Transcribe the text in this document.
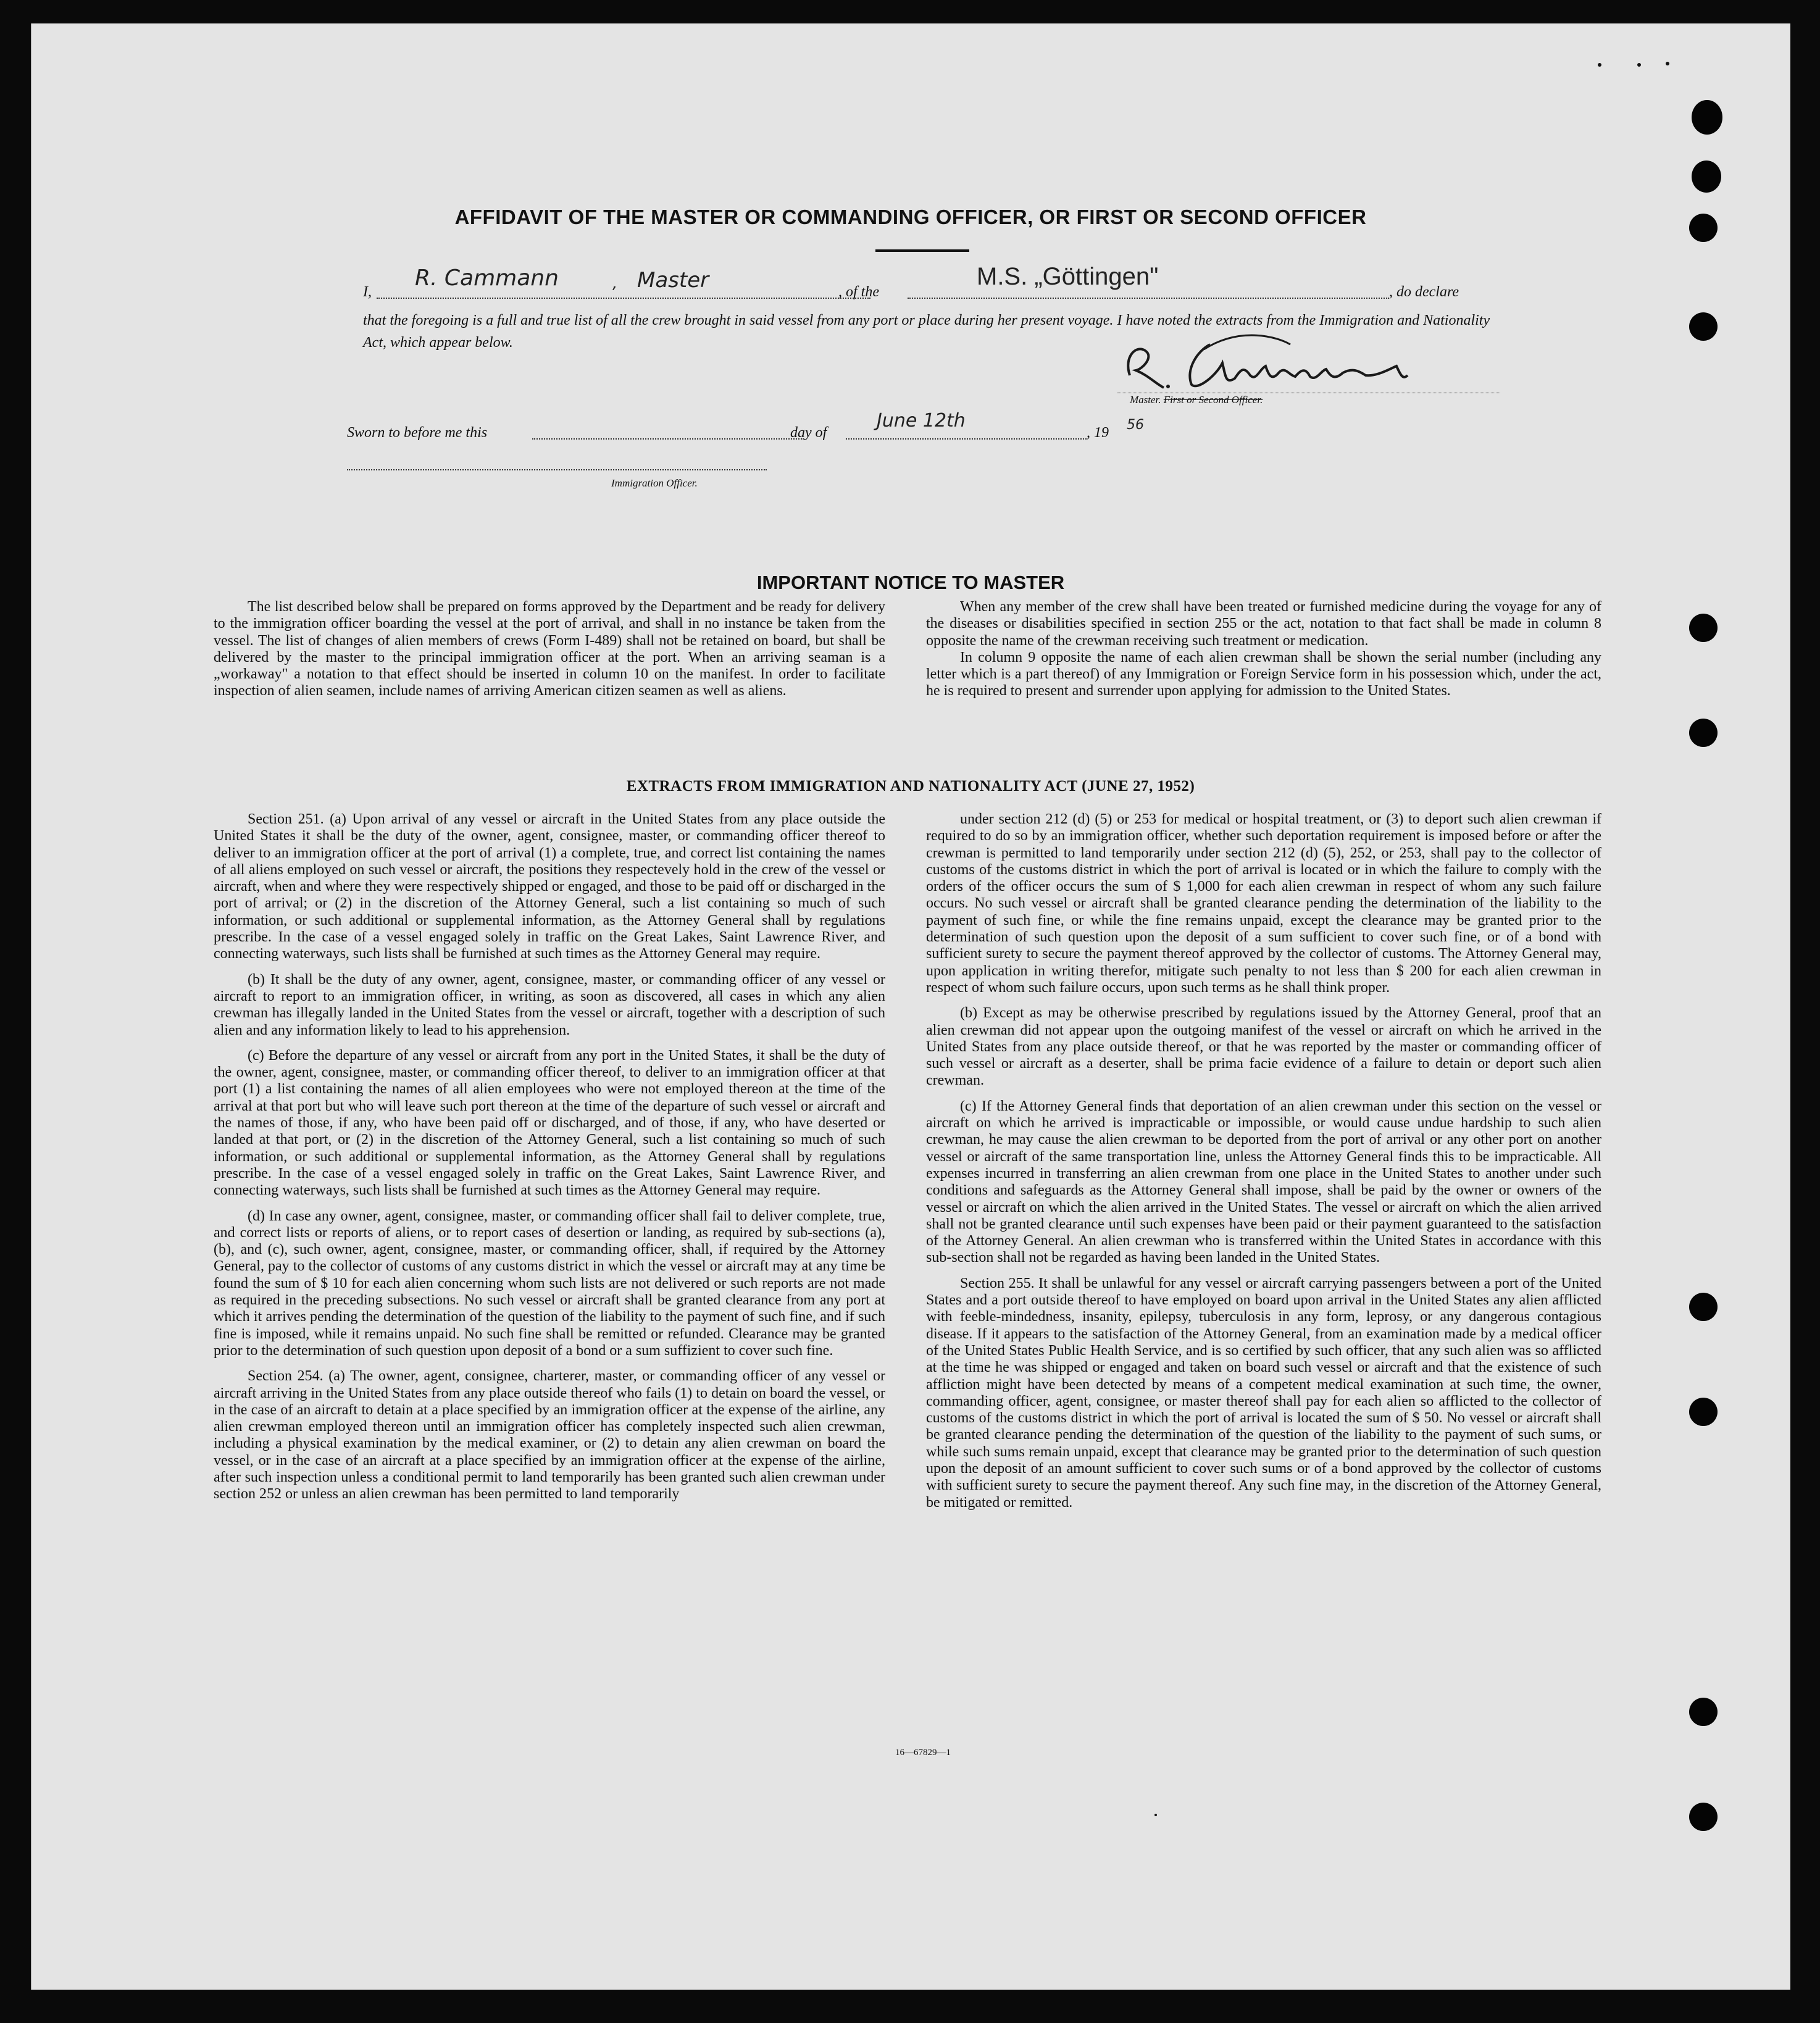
AFFIDAVIT OF THE MASTER OR COMMANDING OFFICER, OR FIRST OR SECOND OFFICER
I,
R. Cammann	, Master	, of the
M.S. „Göttingen"
, do declare
that the foregoing is a full and true list of all the crew brought in said vessel from any port or place during her present voyage. I have noted the extracts from the Immigration and Nationality Act, which appear below.
Master. First or Second Officer.
Sworn to before me this	day of
June 12th
, 19 56
Immigration Officer.
IMPORTANT NOTICE TO MASTER

The list described below shall be prepared on forms approved by the Department and be ready for delivery to the immigration officer boarding the vessel at the port of arrival, and shall in no instance be taken from the vessel. The list of changes of alien members of crews (Form I-489) shall not be retained on board, but shall be delivered by the master to the principal immigration officer at the port. When an arriving seaman is a „workaway" a notation to that effect should be inserted in column 10 on the manifest. In order to facilitate inspection of alien seamen, include names of arriving American citizen seamen as well as aliens.

When any member of the crew shall have been treated or furnished medicine during the voyage for any of the diseases or disabilities specified in section 255 or the act, notation to that fact shall be made in column 8 opposite the name of the crewman receiving such treatment or medication.

In column 9 opposite the name of each alien crewman shall be shown the serial number (including any letter which is a part thereof) of any Immigration or Foreign Service form in his possession which, under the act, he is required to present and surrender upon applying for admission to the United States.

EXTRACTS FROM IMMIGRATION AND NATIONALITY ACT (JUNE 27, 1952)

Section 251. (a) Upon arrival of any vessel or aircraft in the United States from any place outside the United States it shall be the duty of the owner, agent, consignee, master, or commanding officer thereof to deliver to an immigration officer at the port of arrival (1) a complete, true, and correct list containing the names of all aliens employed on such vessel or aircraft, the positions they respectevely hold in the crew of the vessel or aircraft, when and where they were respectively shipped or engaged, and those to be paid off or discharged in the port of arrival; or (2) in the discretion of the Attorney General, such a list containing so much of such information, or such additional or supplemental information, as the Attorney General shall by regulations prescribe. In the case of a vessel engaged solely in traffic on the Great Lakes, Saint Lawrence River, and connecting waterways, such lists shall be furnished at such times as the Attorney General may require.

(b) It shall be the duty of any owner, agent, consignee, master, or commanding officer of any vessel or aircraft to report to an immigration officer, in writing, as soon as discovered, all cases in which any alien crewman has illegally landed in the United States from the vessel or aircraft, together with a description of such alien and any information likely to lead to his apprehension.

(c) Before the departure of any vessel or aircraft from any port in the United States, it shall be the duty of the owner, agent, consignee, master, or commanding officer thereof, to deliver to an immigration officer at that port (1) a list containing the names of all alien employees who were not employed thereon at the time of the arrival at that port but who will leave such port thereon at the time of the departure of such vessel or aircraft and the names of those, if any, who have been paid off or discharged, and of those, if any, who have deserted or landed at that port, or (2) in the discretion of the Attorney General, such a list containing so much of such information, or such additional or supplemental information, as the Attorney General shall by regulations prescribe. In the case of a vessel engaged solely in traffic on the Great Lakes, Saint Lawrence River, and connecting waterways, such lists shall be furnished at such times as the Attorney General may require.

(d) In case any owner, agent, consignee, master, or commanding officer shall fail to deliver complete, true, and correct lists or reports of aliens, or to report cases of desertion or landing, as required by sub-sections (a), (b), and (c), such owner, agent, consignee, master, or commanding officer, shall, if required by the Attorney General, pay to the collector of customs of any customs district in which the vessel or aircraft may at any time be found the sum of $ 10 for each alien concerning whom such lists are not delivered or such reports are not made as required in the preceding subsections. No such vessel or aircraft shall be granted clearance from any port at which it arrives pending the determination of the question of the liability to the payment of such fine, and if such fine is imposed, while it remains unpaid. No such fine shall be remitted or refunded. Clearance may be granted prior to the determination of such question upon deposit of a bond or a sum suffizient to cover such fine.

Section 254. (a) The owner, agent, consignee, charterer, master, or commanding officer of any vessel or aircraft arriving in the United States from any place outside thereof who fails (1) to detain on board the vessel, or in the case of an aircraft to detain at a place specified by an immigration officer at the expense of the airline, any alien crewman employed thereon until an immigration officer has completely inspected such alien crewman, including a physical examination by the medical examiner, or (2) to detain any alien crewman on board the vessel, or in the case of an aircraft at a place specified by an immigration officer at the expense of the airline, after such inspection unless a conditional permit to land temporarily has been granted such alien crewman under section 252 or unless an alien crewman has been permitted to land temporarily

under section 212 (d) (5) or 253 for medical or hospital treatment, or (3) to deport such alien crewman if required to do so by an immigration officer, whether such deportation requirement is imposed before or after the crewman is permitted to land temporarily under section 212 (d) (5), 252, or 253, shall pay to the collector of customs of the customs district in which the port of arrival is located or in which the failure to comply with the orders of the officer occurs the sum of $ 1,000 for each alien crewman in respect of whom any such failure occurs. No such vessel or aircraft shall be granted clearance pending the determination of the liability to the payment of such fine, or while the fine remains unpaid, except the clearance may be granted prior to the determination of such question upon the deposit of a sum sufficient to cover such fine, or of a bond with sufficient surety to secure the payment thereof approved by the collector of customs. The Attorney General may, upon application in writing therefor, mitigate such penalty to not less than $ 200 for each alien crewman in respect of whom such failure occurs, upon such terms as he shall think proper.

(b) Except as may be otherwise prescribed by regulations issued by the Attorney General, proof that an alien crewman did not appear upon the outgoing manifest of the vessel or aircraft on which he arrived in the United States from any place outside thereof, or that he was reported by the master or commanding officer of such vessel or aircraft as a deserter, shall be prima facie evidence of a failure to detain or deport such alien crewman.

(c) If the Attorney General finds that deportation of an alien crewman under this section on the vessel or aircraft on which he arrived is impracticable or impossible, or would cause undue hardship to such alien crewman, he may cause the alien crewman to be deported from the port of arrival or any other port on another vessel or aircraft of the same transportation line, unless the Attorney General finds this to be impracticable. All expenses incurred in transferring an alien crewman from one place in the United States to another under such conditions and safeguards as the Attorney General shall impose, shall be paid by the owner or owners of the vessel or aircraft on which the alien arrived in the United States. The vessel or aircraft on which the alien arrived shall not be granted clearance until such expenses have been paid or their payment guaranteed to the satisfaction of the Attorney General. An alien crewman who is transferred within the United States in accordance with this sub-section shall not be regarded as having been landed in the United States.

Section 255. It shall be unlawful for any vessel or aircraft carrying passengers between a port of the United States and a port outside thereof to have employed on board upon arrival in the United States any alien afflicted with feeble-mindedness, insanity, epilepsy, tuberculosis in any form, leprosy, or any dangerous contagious disease. If it appears to the satisfaction of the Attorney General, from an examination made by a medical officer of the United States Public Health Service, and is so certified by such officer, that any such alien was so afflicted at the time he was shipped or engaged and taken on board such vessel or aircraft and that the existence of such affliction might have been detected by means of a competent medical examination at such time, the owner, commanding officer, agent, consignee, or master thereof shall pay for each alien so afflicted to the collector of customs of the customs district in which the port of arrival is located the sum of $ 50. No vessel or aircraft shall be granted clearance pending the determination of the question of the liability to the payment of such sums, or while such sums remain unpaid, except that clearance may be granted prior to the determination of such question upon the deposit of an amount sufficient to cover such sums or of a bond approved by the collector of customs with sufficient surety to secure the payment thereof. Any such fine may, in the discretion of the Attorney General, be mitigated or remitted.

16—67829—1
